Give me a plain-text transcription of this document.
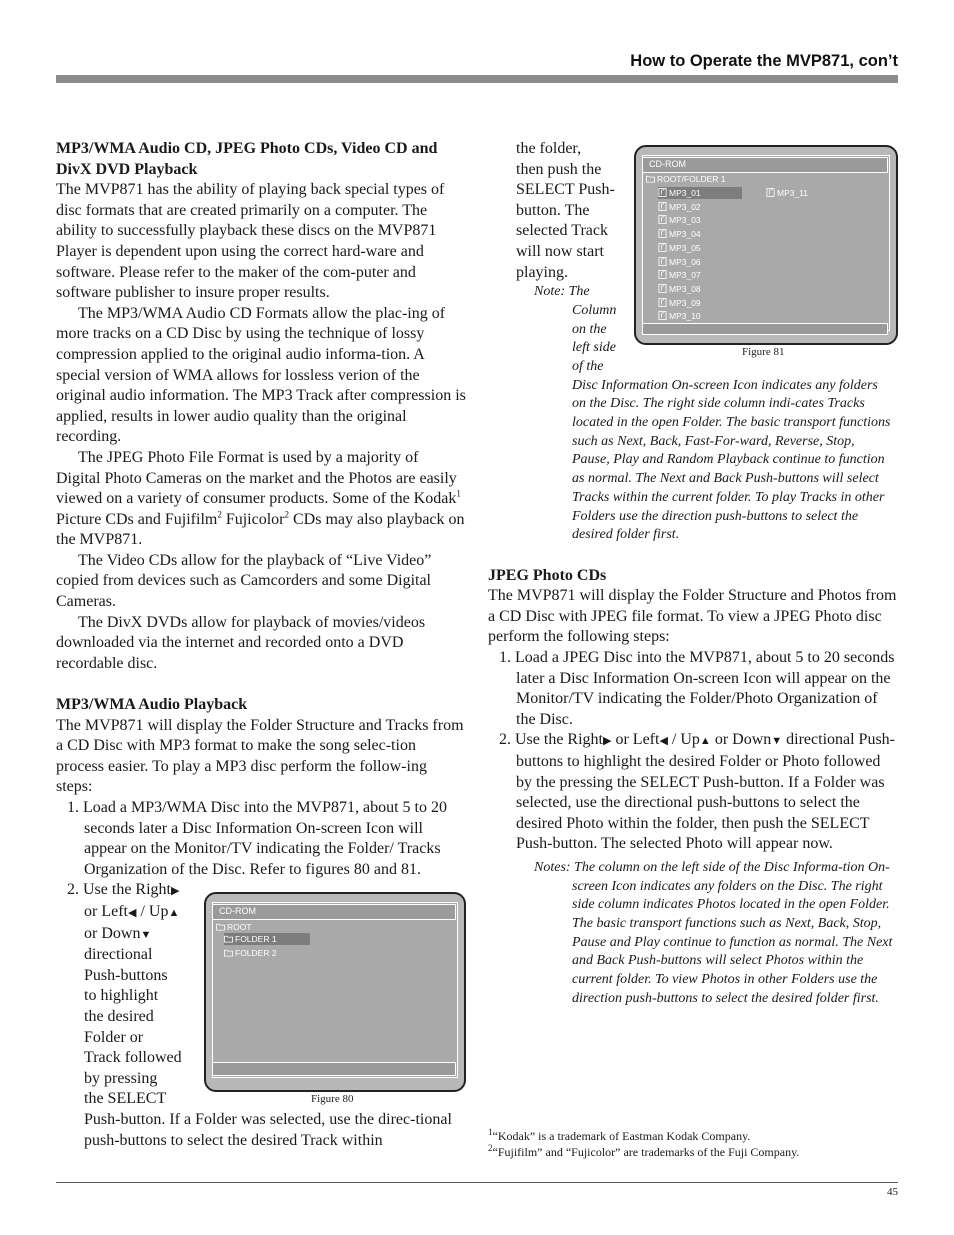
How to Operate the MVP871, con’t

MP3/WMA Audio CD, JPEG Photo CDs, Video CD and DivX DVD Playback

The MVP871 has the ability of playing back special types of disc formats that are created primarily on a computer. The ability to successfully playback these discs on the MVP871 Player is dependent upon using the correct hard-ware and software. Please refer to the maker of the com-puter and software publisher to insure proper results.

The MP3/WMA Audio CD Formats allow the plac-ing of more tracks on a CD Disc by using the technique of lossy compression applied to the original audio informa-tion. A special version of WMA allows for lossless verion of the original audio information. The MP3 Track after compression is applied, results in lower audio quality than the original recording.

The JPEG Photo File Format is used by a majority of Digital Photo Cameras on the market and the Photos are easily viewed on a variety of consumer products. Some of the Kodak$^1$ Picture CDs and Fujifilm$^2$ Fujicolor$^2$ CDs may also playback on the MVP871.

The Video CDs allow for the playback of “Live Video” copied from devices such as Camcorders and some Digital Cameras.

The DivX DVDs allow for playback of movies/videos downloaded via the internet and recorded onto a DVD recordable disc.

MP3/WMA Audio Playback

The MVP871 will display the Folder Structure and Tracks from a CD Disc with MP3 format to make the song selec-tion process easier. To play a MP3 disc perform the follow-ing steps:

1. Load a MP3/WMA Disc into the MVP871, about 5 to 20 seconds later a Disc Information On-screen Icon will appear on the Monitor/TV indicating the Folder/ Tracks Organization of the Disc. Refer to figures 80 and 81.

2. Use the Right▶
or Left◀ / Up▲
or Down▼
directional
Push-buttons
to highlight
the desired
Folder or
Track followed
by pressing
the SELECT
Push-button. If a Folder was selected, use the direc-tional push-buttons to select the desired Track within
CD-ROM
ROOT
FOLDER 1
FOLDER 2
Figure 80
the folder,
then push the
SELECT Push-
button. The
selected Track
will now start
playing.
Note: The
Column
on the
left side
of the
Disc Information On-screen Icon indicates any folders on the Disc. The right side column indi-cates Tracks located in the open Folder. The basic transport functions such as Next, Back, Fast-For-ward, Reverse, Stop, Pause, Play and Random Playback continue to function as normal. The Next and Back Push-buttons will select Tracks within the current folder. To play Tracks in other Folders use the direction push-buttons to select the desired folder first.

JPEG Photo CDs

The MVP871 will display the Folder Structure and Photos from a CD Disc with JPEG file format. To view a JPEG Photo disc perform the following steps:

1. Load a JPEG Disc into the MVP871, about 5 to 20 seconds later a Disc Information On-screen Icon will appear on the Monitor/TV indicating the Folder/Photo Organization of the Disc.

2. Use the Right▶ or Left◀ / Up▲ or Down▼ directional Push-buttons to highlight the desired Folder or Photo followed by the pressing the SELECT Push-button. If a Folder was selected, use the directional push-buttons to select the desired Photo within the folder, then push the SELECT Push-button. The selected Photo will appear now.

Notes: The column on the left side of the Disc Informa-tion On-screen Icon indicates any folders on the Disc. The right side column indicates Photos located in the open Folder. The basic transport functions such as Next, Back, Stop, Pause and Play continue to function as normal. The Next and Back Push-buttons will select Photos within the current folder. To view Photos in other Folders use the direction push-buttons to select the desired folder first.

CD-ROM
ROOT/FOLDER 1
MP3_01
MP3_02
MP3_03
MP3_04
MP3_05
MP3_06
MP3_07
MP3_08
MP3_09
MP3_10
MP3_11
Figure 81

$^1$“Kodak” is a trademark of Eastman Kodak Company.

$^2$“Fujifilm” and “Fujicolor” are trademarks of the Fuji Company.

45
